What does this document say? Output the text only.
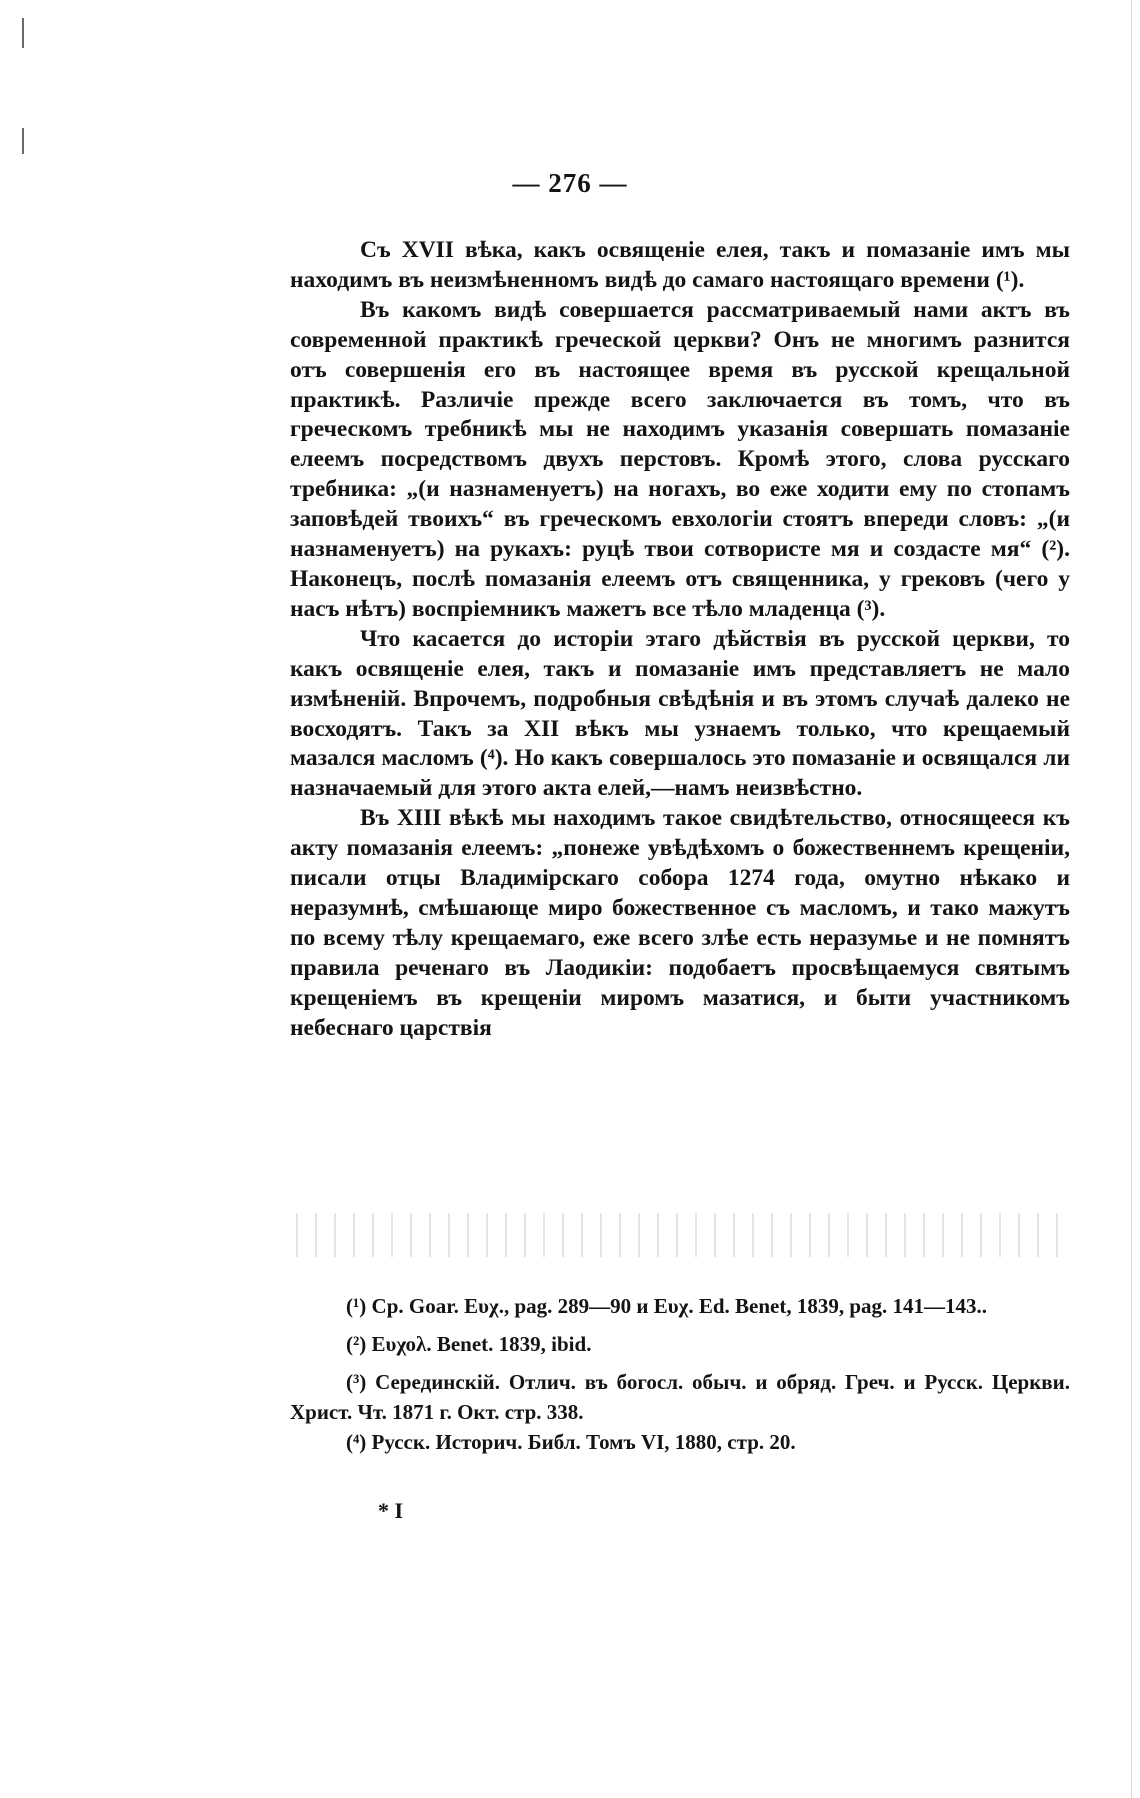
— 276 —

Съ XVII вѣка, какъ освященіе елея, такъ и помазаніе имъ мы находимъ въ неизмѣненномъ видѣ до самаго настоящаго времени (¹).

Въ какомъ видѣ совершается рассматриваемый нами актъ въ современной практикѣ греческой церкви? Онъ не многимъ разнится отъ совершенія его въ настоящее время въ русской крещальной практикѣ. Различіе прежде всего заключается въ томъ, что въ греческомъ требникѣ мы не находимъ указанія совершать помазаніе елеемъ посредствомъ двухъ перстовъ. Кромѣ этого, слова русскаго требника: „(и назнаменуетъ) на ногахъ, во еже ходити ему по стопамъ заповѣдей твоихъ“ въ греческомъ евхологіи стоятъ впереди словъ: „(и назнаменуетъ) на рукахъ: руцѣ твои сотвористе мя и создасте мя“ (²). Наконецъ, послѣ помазанія елеемъ отъ священника, у грековъ (чего у насъ нѣтъ) воспріемникъ мажетъ все тѣло младенца (³).

Что касается до исторіи этаго дѣйствія въ русской церкви, то какъ освященіе елея, такъ и помазаніе имъ представляетъ не мало измѣненій. Впрочемъ, подробныя свѣдѣнія и въ этомъ случаѣ далеко не восходятъ. Такъ за XII вѣкъ мы узнаемъ только, что крещаемый мазался масломъ (⁴). Но какъ совершалось это помазаніе и освящался ли назначаемый для этого акта елей,—намъ неизвѣстно.

Въ XIII вѣкѣ мы находимъ такое свидѣтельство, относящееся къ акту помазанія елеемъ: „понеже увѣдѣхомъ о божественнемъ крещеніи, писали отцы Владимірскаго собора 1274 года, омутно нѣкако и неразумнѣ, смѣшающе миро божественное съ масломъ, и тако мажутъ по всему тѣлу крещаемаго, еже всего злѣе есть неразумье и не помнятъ правила реченаго въ Лаодикіи: подобаетъ просвѣщаемуся святымъ крещеніемъ въ крещеніи миромъ мазатися, и быти участникомъ небеснаго царствія

(¹) Ср. Goar. Ευχ., pag. 289—90 и Ευχ. Ed. Benet, 1839, pag. 141—143..

(²) Ευχολ. Benet. 1839, ibid.

(³) Серединскій. Отлич. въ богосл. обыч. и обряд. Греч. и Русск. Церкви. Христ. Чт. 1871 г. Окт. стр. 338.

(⁴) Русск. Историч. Библ. Томъ VI, 1880, стр. 20.

* I
